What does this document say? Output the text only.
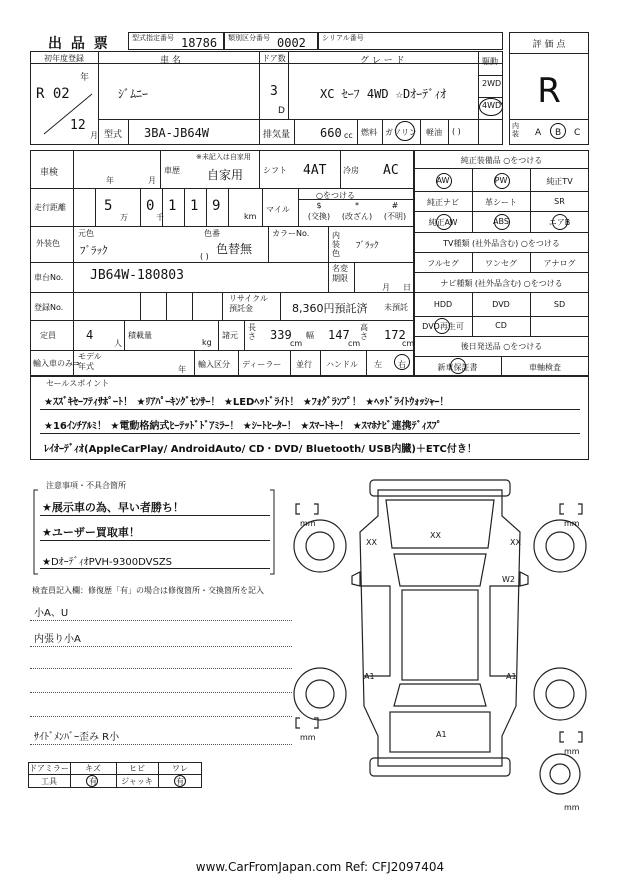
出 品 票	型式指定番号 18786 類別区分番号 0002 シリアル番号
評 価 点
R
初年度登録
年
R 02
12
月
車 名
ｼﾞﾑﾆｰ
ドア数
3
D
グ レ ー ド
XC ｾｰﾌ 4WD ☆Dｵｰﾃﾞｨｵ
駆動
2WD
4WD
型式 3BA-JB64W	排気量 660 cc 燃料 ガソリン 軽油 ( )
内装	A B C
車検
年	月
車歴
※未記入は自家用
自家用 シフト 4AT 冷房 AC
走行距離	5
万
0
千
1 1 9
km
マイル
○をつける
$
(交換)
*
(改ざん)
#
(不明)
外装色
元色
ﾌﾞﾗｯｸ
色番
色替無
( )
カラーNo.	内装色
ﾌﾞﾗｯｸ
車台No. JB64W-180803	名変
期限
月 日
登録No.
リサイクル
預託金	8,360円預託済 未預託
定員	4
人
積載量
kg
諸元
長さ 339
cm
幅 147
cm
高さ 172
cm
輸入車のみ⇒
モデル
年式	年
輸入区分 ディーラー 並行 ハンドル 左 右
純正装備品 ○をつける
AW	PW	純正TV
純正ナビ	革シート	SR
純正AW	ABS	エアB
TV種類 (社外品含む) ○をつける
フルセグ	ワンセグ	アナログ
ナビ種類 (社外品含む) ○をつける
HDD	DVD	SD
DVD再生可	CD
後日発送品 ○をつける
新車保証書	車軸検査
セールスポイント
★ｽｽﾞｷｾｰﾌﾃｨｻﾎﾟｰﾄ！ ★ﾘｱﾊﾟｰｷﾝｸﾞｾﾝｻｰ！ ★LEDﾍｯﾄﾞﾗｲﾄ！ ★ﾌｫｸﾞﾗﾝﾌﾟ！ ★ﾍｯﾄﾞﾗｲﾄｳｫｯｼｬｰ！
★16ｲﾝﾁｱﾙﾐ！ ★電動格納式ﾋｰﾃｯﾄﾞﾄﾞｱﾐﾗｰ！ ★ｼｰﾄﾋｰﾀｰ！ ★ｽﾏｰﾄｷｰ！ ★ｽﾏﾎﾅﾋﾞ連携ﾃﾞｨｽﾌﾟ
ﾚｲｵｰﾃﾞｨｵ(AppleCarPlay/ AndroidAuto/ CD・DVD/ Bluetooth/ USB内臓)＋ETC付き！
注意事項・不具合箇所
★展示車の為、早い者勝ち！
★ユーザー買取車！
★DｵｰﾃﾞｨｵPVH-9300DVSZS
検査員記入欄：修復歴「有」の場合は修復箇所・交換箇所を記入
小A、U
内張り小A
ｻｲﾄﾞﾒﾝﾊﾞｰ歪み R小
ドアミラー	キズ	ヒビ	ワレ
工具	有	ジャッキ	有
XX
XX
XX
W2
A1	A1
A1
mm	mm
mm
mm
mm
www.CarFromJapan.com Ref: CFJ2097404
